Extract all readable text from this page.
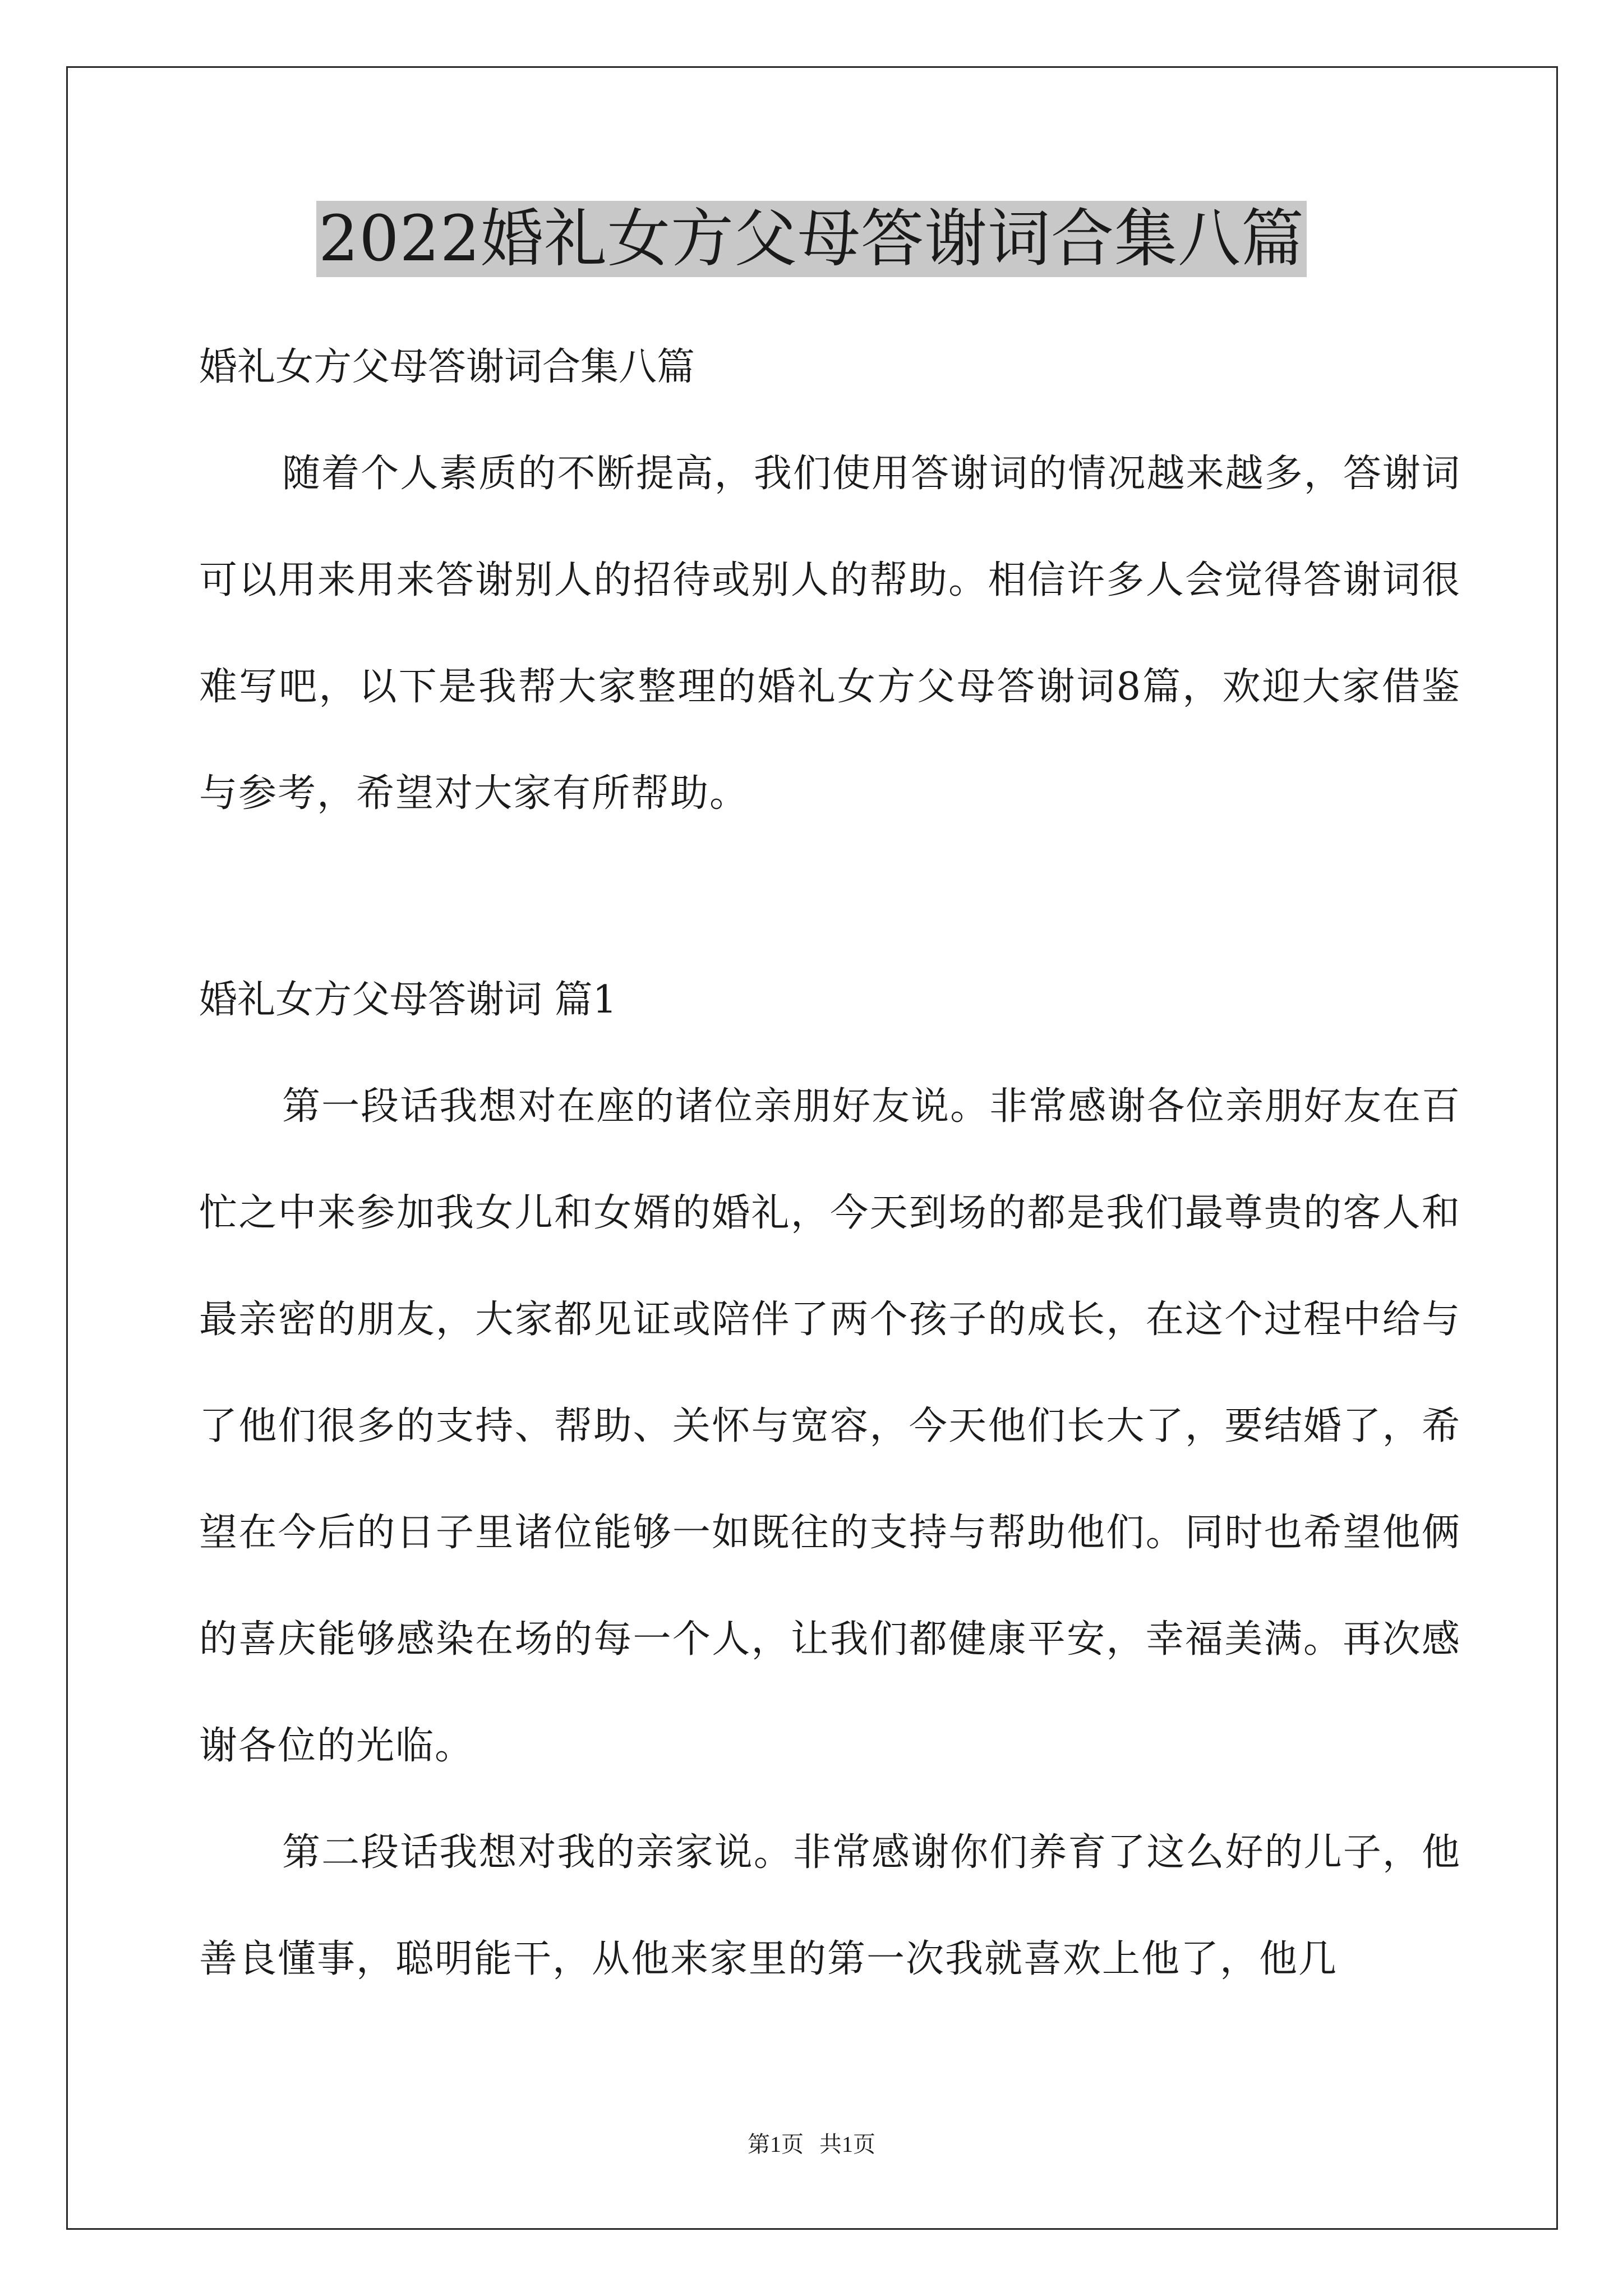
2022婚礼女方父母答谢词合集八篇
婚礼女方父母答谢词合集八篇

随着个人素质的不断提高，我们使用答谢词的情况越来越多，答谢词可以用来用来答谢别人的招待或别人的帮助。相信许多人会觉得答谢词很难写吧，以下是我帮大家整理的婚礼女方父母答谢词8篇，欢迎大家借鉴与参考，希望对大家有所帮助。

婚礼女方父母答谢词 篇1

第一段话我想对在座的诸位亲朋好友说。非常感谢各位亲朋好友在百忙之中来参加我女儿和女婿的婚礼，今天到场的都是我们最尊贵的客人和最亲密的朋友，大家都见证或陪伴了两个孩子的成长，在这个过程中给与了他们很多的支持、帮助、关怀与宽容，今天他们长大了，要结婚了，希望在今后的日子里诸位能够一如既往的支持与帮助他们。同时也希望他俩的喜庆能够感染在场的每一个人，让我们都健康平安，幸福美满。再次感谢各位的光临。

第二段话我想对我的亲家说。非常感谢你们养育了这么好的儿子，他善良懂事，聪明能干，从他来家里的第一次我就喜欢上他了，他几

第1页 共1页
